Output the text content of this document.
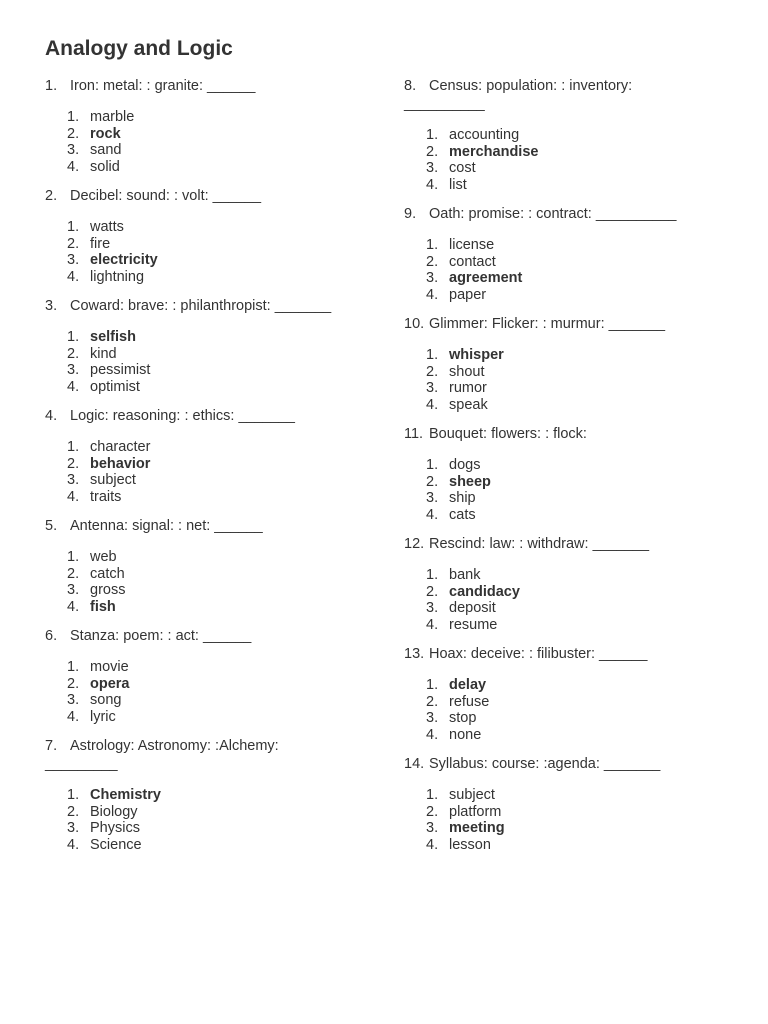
Analogy and Logic

1. Iron: metal: : granite: ______

1. marble
2. rock
3. sand
4. solid

2. Decibel: sound: : volt: ______

1. watts
2. fire
3. electricity
4. lightning

3. Coward: brave: : philanthropist: _______

1. selfish
2. kind
3. pessimist
4. optimist

4. Logic: reasoning: : ethics: _______

1. character
2. behavior
3. subject
4. traits

5. Antenna: signal: : net: ______

1. web
2. catch
3. gross
4. fish

6. Stanza: poem: : act: ______

1. movie
2. opera
3. song
4. lyric

7. Astrology: Astronomy: :Alchemy: _________

1. Chemistry
2. Biology
3. Physics
4. Science

8. Census: population: : inventory: __________

1. accounting
2. merchandise
3. cost
4. list

9. Oath: promise: : contract: __________

1. license
2. contact
3. agreement
4. paper

10. Glimmer: Flicker: : murmur: _______

1. whisper
2. shout
3. rumor
4. speak

11. Bouquet: flowers: : flock:

1. dogs
2. sheep
3. ship
4. cats

12. Rescind: law: : withdraw: _______

1. bank
2. candidacy
3. deposit
4. resume

13. Hoax: deceive: : filibuster: ______

1. delay
2. refuse
3. stop
4. none

14. Syllabus: course: :agenda: _______

1. subject
2. platform
3. meeting
4. lesson
